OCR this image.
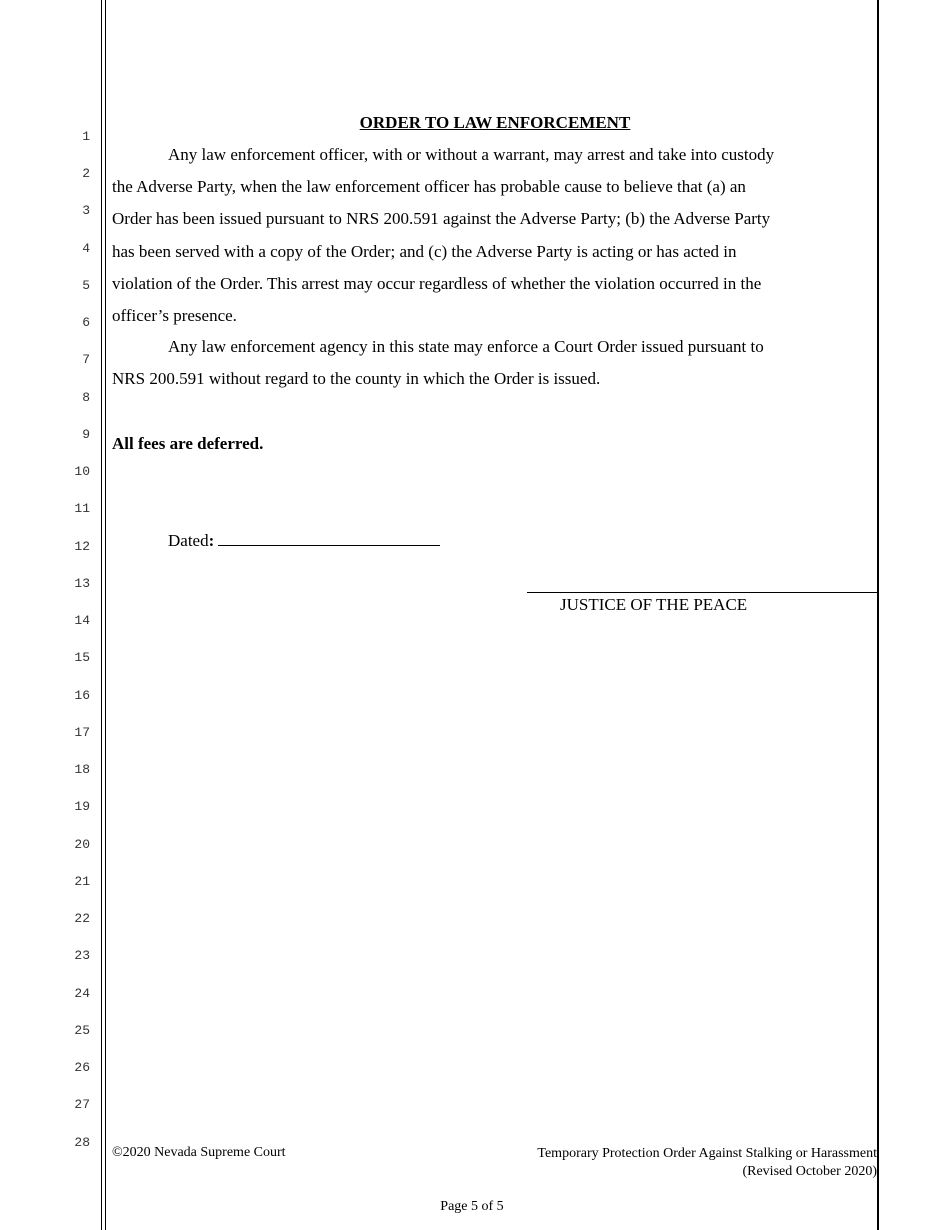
1
2
3
4
5
6
7
8
9
10
11
12
13
14
15
16
17
18
19
20
21
22
23
24
25
26
27
28
ORDER TO LAW ENFORCEMENT

Any law enforcement officer, with or without a warrant, may arrest and take into custody the Adverse Party, when the law enforcement officer has probable cause to believe that (a) an Order has been issued pursuant to NRS 200.591 against the Adverse Party; (b) the Adverse Party has been served with a copy of the Order; and (c) the Adverse Party is acting or has acted in violation of the Order. This arrest may occur regardless of whether the violation occurred in the officer’s presence.

Any law enforcement agency in this state may enforce a Court Order issued pursuant to NRS 200.591 without regard to the county in which the Order is issued.

All fees are deferred.
Dated:
JUSTICE OF THE PEACE
©2020 Nevada Supreme Court	Temporary Protection Order Against Stalking or Harassment
(Revised October 2020)
Page 5 of 5
